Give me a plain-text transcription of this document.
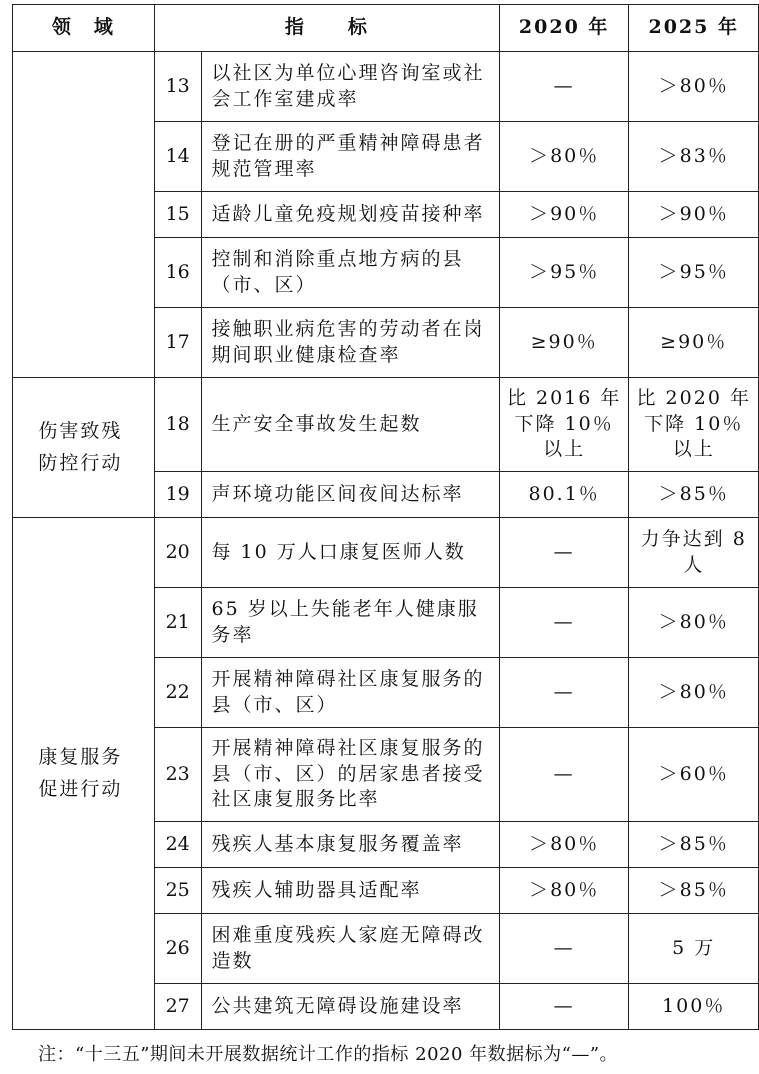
领　域	指　　标		2020 年	2025 年
	13	以社区为单位心理咨询室或社会工作室建成率	—	＞80％
	14	登记在册的严重精神障碍患者规范管理率	＞80％	＞83％
	15	适龄儿童免疫规划疫苗接种率	＞90％	＞90％
	16	控制和消除重点地方病的县（市、区）	＞95％	＞95％
	17	接触职业病危害的劳动者在岗期间职业健康检查率	≥90％	≥90％
伤害致残防控行动	18	生产安全事故发生起数	比 2016 年下降 10％以上	比 2020 年下降 10％以上
	19	声环境功能区间夜间达标率	80.1％	＞85％
康复服务促进行动	20	每 10 万人口康复医师人数	—	力争达到 8 人
	21	65 岁以上失能老年人健康服务率	—	＞80％
	22	开展精神障碍社区康复服务的县（市、区）	—	＞80％
	23	开展精神障碍社区康复服务的县（市、区）的居家患者接受社区康复服务比率	—	＞60％
	24	残疾人基本康复服务覆盖率	＞80％	＞85％
	25	残疾人辅助器具适配率	＞80％	＞85％
	26	困难重度残疾人家庭无障碍改造数	—	5 万
	27	公共建筑无障碍设施建设率	—	100％
注：“十三五”期间未开展数据统计工作的指标 2020 年数据标为“—”。
